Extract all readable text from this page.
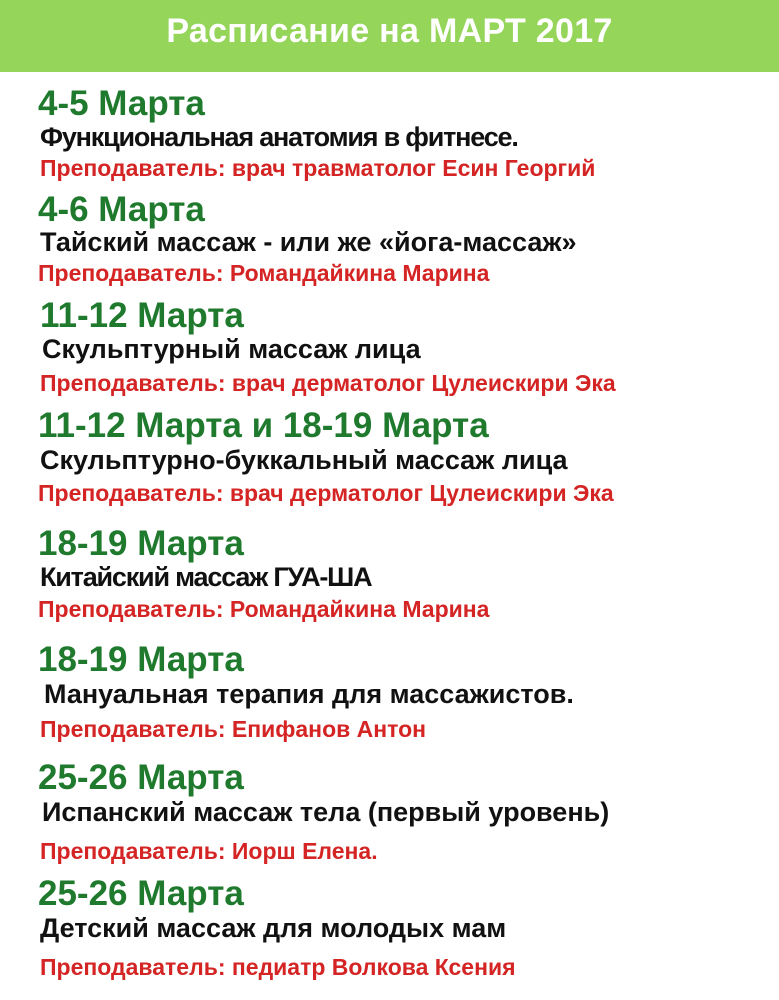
Расписание на МАРТ 2017
4-5 Марта
Функциональная анатомия в фитнесе.
Преподаватель: врач травматолог Есин Георгий
4-6 Марта
Тайский массаж - или же «йога-массаж»
Преподаватель: Ромaндайкина Марина
11-12 Марта
Скульптурный массаж лица
Преподаватель: врач дерматолог Цулеискири Эка
11-12 Марта и 18-19 Марта
Скульптурно-буккальный массаж лица
Преподаватель: врач дерматолог Цулеискири Эка
18-19 Марта
Китайский массаж ГУА-ША
Преподаватель: Ромaндайкина Марина
18-19 Марта
Мануальная терапия для массажистов.
Преподаватель: Епифанов Антон
25-26 Марта
Испанский массаж тела (первый уровень)
Преподаватель: Иорш Елена.
25-26 Марта
Детский массаж для молодых мам
Преподаватель: педиатр Волкова Ксения
